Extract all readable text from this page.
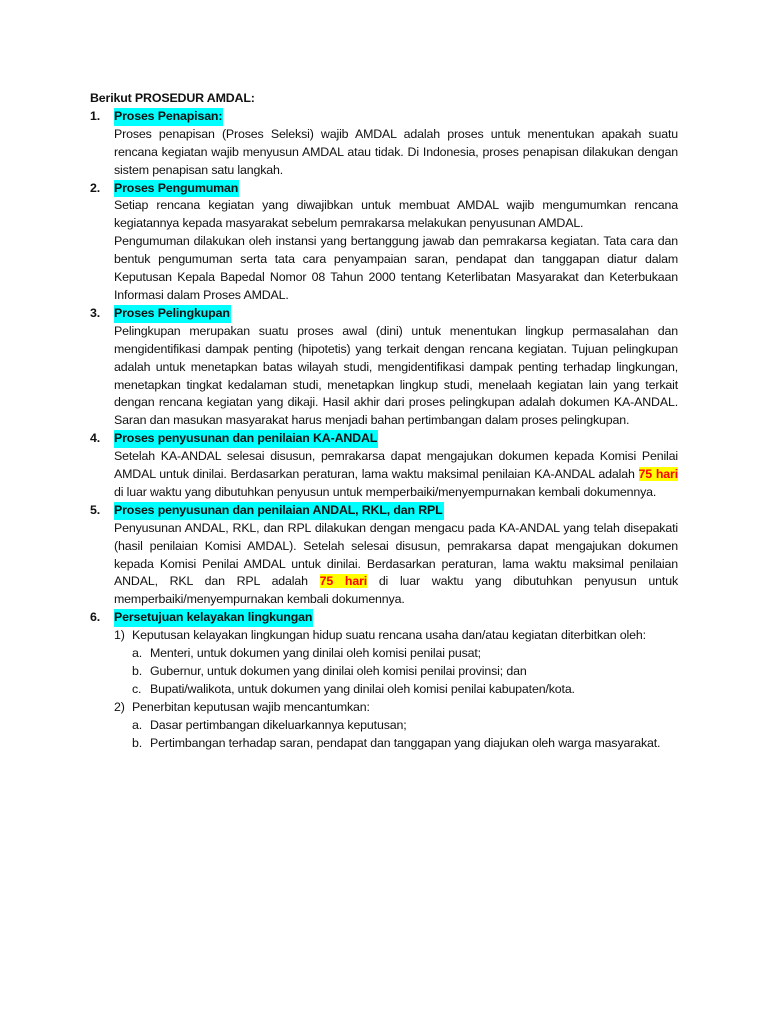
Berikut PROSEDUR AMDAL:

1.	Proses Penapisan:

Proses penapisan (Proses Seleksi) wajib AMDAL adalah proses untuk menentukan apakah suatu rencana kegiatan wajib menyusun AMDAL atau tidak. Di Indonesia, proses penapisan dilakukan dengan sistem penapisan satu langkah.

2.	Proses Pengumuman

Setiap rencana kegiatan yang diwajibkan untuk membuat AMDAL wajib mengumumkan rencana kegiatannya kepada masyarakat sebelum pemrakarsa melakukan penyusunan AMDAL.

Pengumuman dilakukan oleh instansi yang bertanggung jawab dan pemrakarsa kegiatan. Tata cara dan bentuk pengumuman serta tata cara penyampaian saran, pendapat dan tanggapan diatur dalam Keputusan Kepala Bapedal Nomor 08 Tahun 2000 tentang Keterlibatan Masyarakat dan Keterbukaan Informasi dalam Proses AMDAL.

3.	Proses Pelingkupan

Pelingkupan merupakan suatu proses awal (dini) untuk menentukan lingkup permasalahan dan mengidentifikasi dampak penting (hipotetis) yang terkait dengan rencana kegiatan. Tujuan pelingkupan adalah untuk menetapkan batas wilayah studi, mengidentifikasi dampak penting terhadap lingkungan, menetapkan tingkat kedalaman studi, menetapkan lingkup studi, menelaah kegiatan lain yang terkait dengan rencana kegiatan yang dikaji. Hasil akhir dari proses pelingkupan adalah dokumen KA-ANDAL. Saran dan masukan masyarakat harus menjadi bahan pertimbangan dalam proses pelingkupan.

4.	Proses penyusunan dan penilaian KA-ANDAL

Setelah KA-ANDAL selesai disusun, pemrakarsa dapat mengajukan dokumen kepada Komisi Penilai AMDAL untuk dinilai. Berdasarkan peraturan, lama waktu maksimal penilaian KA-ANDAL adalah 75 hari di luar waktu yang dibutuhkan penyusun untuk memperbaiki/menyempurnakan kembali dokumennya.

5.	Proses penyusunan dan penilaian ANDAL, RKL, dan RPL

Penyusunan ANDAL, RKL, dan RPL dilakukan dengan mengacu pada KA-ANDAL yang telah disepakati (hasil penilaian Komisi AMDAL). Setelah selesai disusun, pemrakarsa dapat mengajukan dokumen kepada Komisi Penilai AMDAL untuk dinilai. Berdasarkan peraturan, lama waktu maksimal penilaian ANDAL, RKL dan RPL adalah 75 hari di luar waktu yang dibutuhkan penyusun untuk memperbaiki/menyempurnakan kembali dokumennya.

6.	Persetujuan kelayakan lingkungan
1) Keputusan kelayakan lingkungan hidup suatu rencana usaha dan/atau kegiatan diterbitkan oleh:
a. Menteri, untuk dokumen yang dinilai oleh komisi penilai pusat;
b. Gubernur, untuk dokumen yang dinilai oleh komisi penilai provinsi; dan
c. Bupati/walikota, untuk dokumen yang dinilai oleh komisi penilai kabupaten/kota.
2) Penerbitan keputusan wajib mencantumkan:
a. Dasar pertimbangan dikeluarkannya keputusan;
b. Pertimbangan terhadap saran, pendapat dan tanggapan yang diajukan oleh warga masyarakat.
